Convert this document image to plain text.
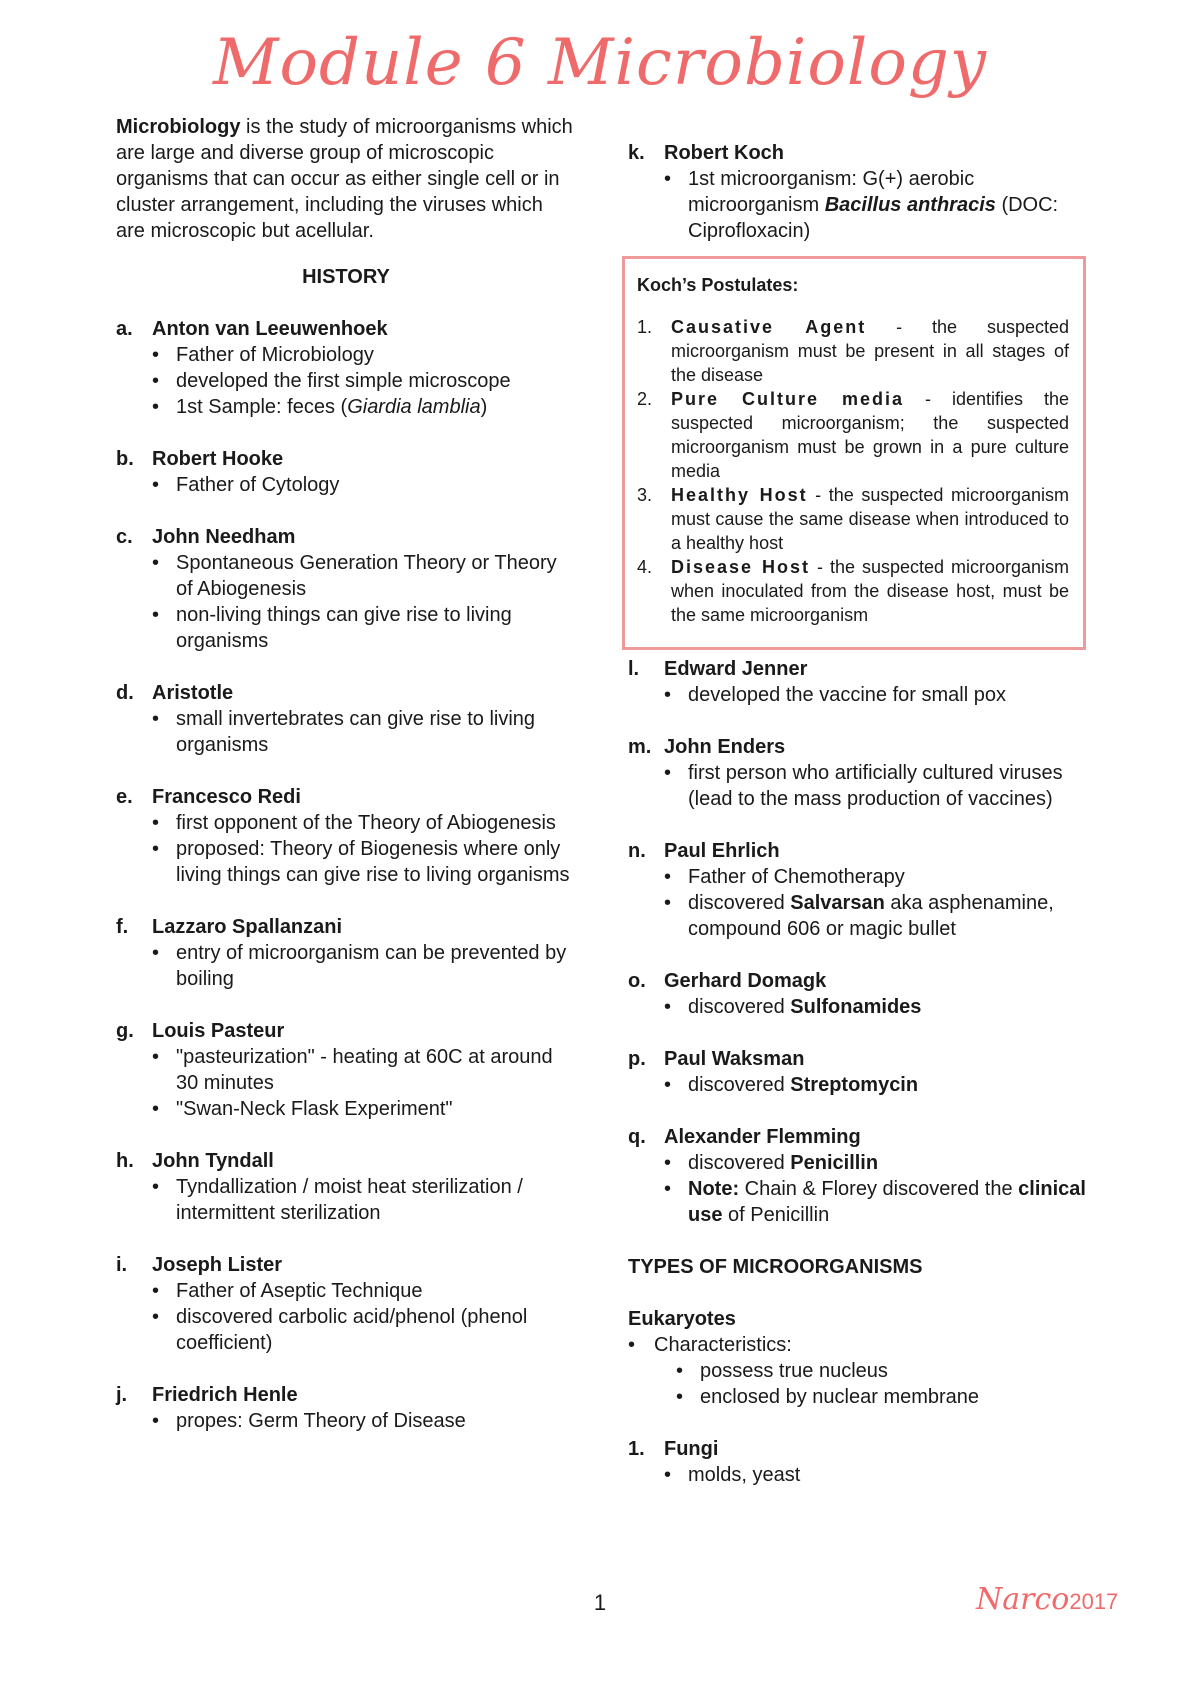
Module 6 Microbiology

Microbiology is the study of microorganisms which are large and diverse group of microscopic organisms that can occur as either single cell or in cluster arrangement, including the viruses which are microscopic but acellular.

HISTORY
a. Anton van Leeuwenhoek
• Father of Microbiology
• developed the first simple microscope
• 1st Sample: feces (Giardia lamblia)
b. Robert Hooke
• Father of Cytology
c. John Needham
• Spontaneous Generation Theory or Theory of Abiogenesis
• non-living things can give rise to living organisms
d. Aristotle
• small invertebrates can give rise to living organisms
e. Francesco Redi
• first opponent of the Theory of Abiogenesis
• proposed: Theory of Biogenesis where only living things can give rise to living organisms
f.	Lazzaro Spallanzani
• entry of microorganism can be prevented by boiling
g. Louis Pasteur
• "pasteurization" - heating at 60C at around 30 minutes
• "Swan-Neck Flask Experiment"
h. John Tyndall
• Tyndallization / moist heat sterilization / intermittent sterilization
i.	Joseph Lister
• Father of Aseptic Technique
• discovered carbolic acid/phenol (phenol coefficient)
j.	Friedrich Henle
• propes: Germ Theory of Disease
k. Robert Koch
• 1st microorganism: G(+) aerobic microorganism Bacillus anthracis (DOC: Ciprofloxacin)
Koch’s Postulates:
1.	Causative Agent - the suspected microorganism must be present in all stages of the disease
2.	Pure Culture media - identifies the suspected microorganism; the suspected microorganism must be grown in a pure culture media
3.	Healthy Host - the suspected microorganism must cause the same disease when introduced to a healthy host
4.	Disease Host - the suspected microorganism when inoculated from the disease host, must be the same microorganism
l.	Edward Jenner
• developed the vaccine for small pox
m. John Enders
• first person who artificially cultured viruses (lead to the mass production of vaccines)
n. Paul Ehrlich
• Father of Chemotherapy
• discovered Salvarsan aka asphenamine, compound 606 or magic bullet
o. Gerhard Domagk
• discovered Sulfonamides
p. Paul Waksman
• discovered Streptomycin
q. Alexander Flemming
• discovered Penicillin
• Note: Chain & Florey discovered the clinical use of Penicillin
TYPES OF MICROORGANISMS
Eukaryotes
• Characteristics:
• possess true nucleus
• enclosed by nuclear membrane
1. Fungi
• molds, yeast
1	Narco2017
